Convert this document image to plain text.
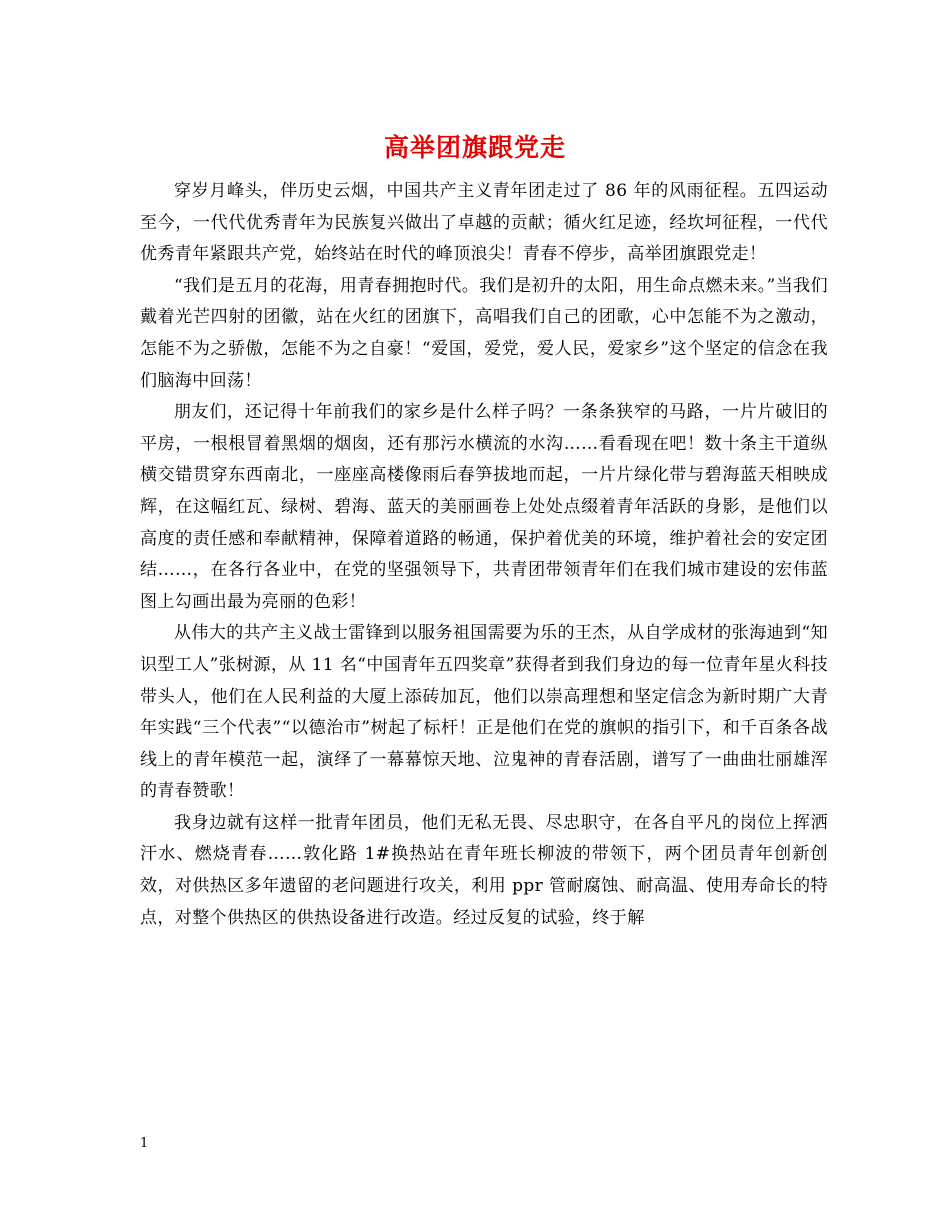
高举团旗跟党走

穿岁月峰头，伴历史云烟，中国共产主义青年团走过了 86 年的风雨征程。五四运动至今，一代代优秀青年为民族复兴做出了卓越的贡献；循火红足迹，经坎坷征程，一代代优秀青年紧跟共产党，始终站在时代的峰顶浪尖！青春不停步，高举团旗跟党走！

“我们是五月的花海，用青春拥抱时代。我们是初升的太阳，用生命点燃未来。”当我们戴着光芒四射的团徽，站在火红的团旗下，高唱我们自己的团歌，心中怎能不为之激动，怎能不为之骄傲，怎能不为之自豪！“爱国，爱党，爱人民，爱家乡”这个坚定的信念在我们脑海中回荡！

朋友们，还记得十年前我们的家乡是什么样子吗？一条条狭窄的马路，一片片破旧的平房，一根根冒着黑烟的烟囱，还有那污水横流的水沟……看看现在吧！数十条主干道纵横交错贯穿东西南北，一座座高楼像雨后春笋拔地而起，一片片绿化带与碧海蓝天相映成辉，在这幅红瓦、绿树、碧海、蓝天的美丽画卷上处处点缀着青年活跃的身影，是他们以高度的责任感和奉献精神，保障着道路的畅通，保护着优美的环境，维护着社会的安定团结……，在各行各业中，在党的坚强领导下，共青团带领青年们在我们城市建设的宏伟蓝图上勾画出最为亮丽的色彩！

从伟大的共产主义战士雷锋到以服务祖国需要为乐的王杰，从自学成材的张海迪到“知识型工人”张树源，从 11 名“中国青年五四奖章”获得者到我们身边的每一位青年星火科技带头人，他们在人民利益的大厦上添砖加瓦，他们以崇高理想和坚定信念为新时期广大青年实践“三个代表”“以德治市”树起了标杆！正是他们在党的旗帜的指引下，和千百条各战线上的青年模范一起，演绎了一幕幕惊天地、泣鬼神的青春活剧，谱写了一曲曲壮丽雄浑的青春赞歌！

我身边就有这样一批青年团员，他们无私无畏、尽忠职守，在各自平凡的岗位上挥洒汗水、燃烧青春……敦化路 1#换热站在青年班长柳波的带领下，两个团员青年创新创效，对供热区多年遗留的老问题进行攻关，利用 ppr 管耐腐蚀、耐高温、使用寿命长的特点，对整个供热区的供热设备进行改造。经过反复的试验，终于解

1
